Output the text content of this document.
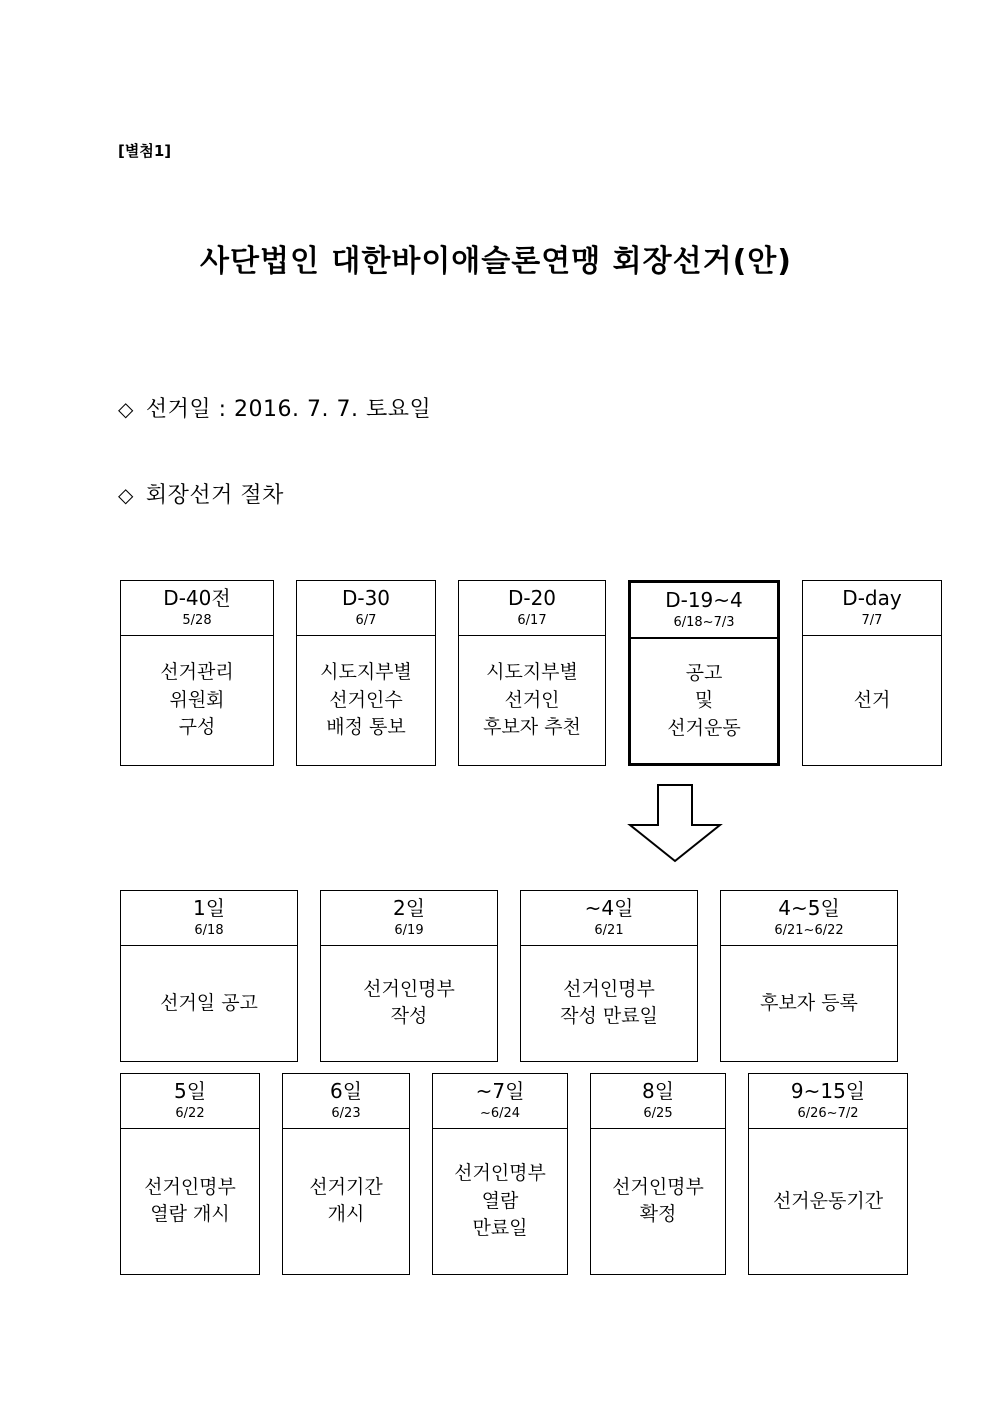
[별첨1]
사단법인 대한바이애슬론연맹 회장선거(안)
◇ 선거일 : 2016. 7. 7. 토요일
◇ 회장선거 절차
D-40전
5/28
선거관리
위원회
구성
D-30
6/7
시도지부별
선거인수
배정 통보
D-20
6/17
시도지부별
선거인
후보자 추천
D-19~4
6/18~7/3
공고
및
선거운동
D-day
7/7
선거
1일
6/18
선거일 공고
2일
6/19
선거인명부
작성
~4일
6/21
선거인명부
작성 만료일
4~5일
6/21~6/22
후보자 등록
5일
6/22
선거인명부
열람 개시
6일
6/23
선거기간
개시
~7일
~6/24
선거인명부
열람
만료일
8일
6/25
선거인명부
확정
9~15일
6/26~7/2
선거운동기간
